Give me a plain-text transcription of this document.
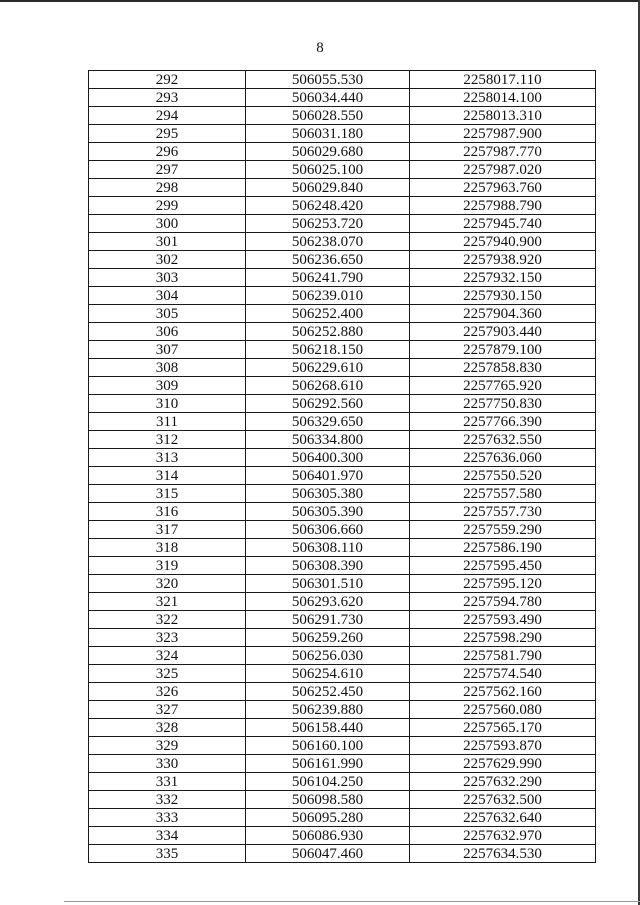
8
292	506055.530	2258017.110
293	506034.440	2258014.100
294	506028.550	2258013.310
295	506031.180	2257987.900
296	506029.680	2257987.770
297	506025.100	2257987.020
298	506029.840	2257963.760
299	506248.420	2257988.790
300	506253.720	2257945.740
301	506238.070	2257940.900
302	506236.650	2257938.920
303	506241.790	2257932.150
304	506239.010	2257930.150
305	506252.400	2257904.360
306	506252.880	2257903.440
307	506218.150	2257879.100
308	506229.610	2257858.830
309	506268.610	2257765.920
310	506292.560	2257750.830
311	506329.650	2257766.390
312	506334.800	2257632.550
313	506400.300	2257636.060
314	506401.970	2257550.520
315	506305.380	2257557.580
316	506305.390	2257557.730
317	506306.660	2257559.290
318	506308.110	2257586.190
319	506308.390	2257595.450
320	506301.510	2257595.120
321	506293.620	2257594.780
322	506291.730	2257593.490
323	506259.260	2257598.290
324	506256.030	2257581.790
325	506254.610	2257574.540
326	506252.450	2257562.160
327	506239.880	2257560.080
328	506158.440	2257565.170
329	506160.100	2257593.870
330	506161.990	2257629.990
331	506104.250	2257632.290
332	506098.580	2257632.500
333	506095.280	2257632.640
334	506086.930	2257632.970
335	506047.460	2257634.530
